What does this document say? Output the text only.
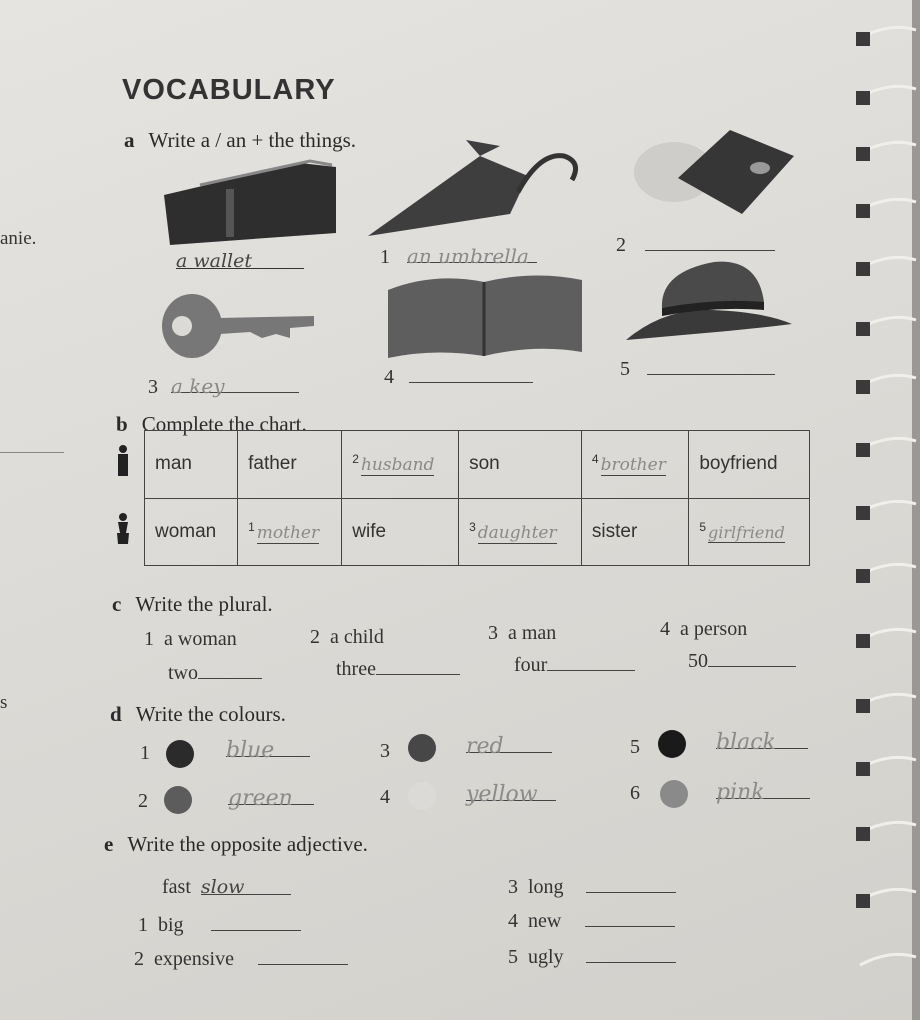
anie.
s
VOCABULARY
a Write a / an + the things.
a wallet	1 an umbrella	2
3 a key	4	5
b Complete the chart.
	man	father	$^2$ husband	son	$^4$ brother	boyfriend
	woman	$^1$ mother	wife	$^3$ daughter	sister	$^5$ girlfriend
c Write the plural.
1 a woman	2 a child	3 a man	4 a person
two	three	four	50
d Write the colours.
1	blue
2	green
3	red
4	yellow
5	black
6	pink
e Write the opposite adjective.
fast slow
1 big
2 expensive
3 long
4 new
5 ugly
